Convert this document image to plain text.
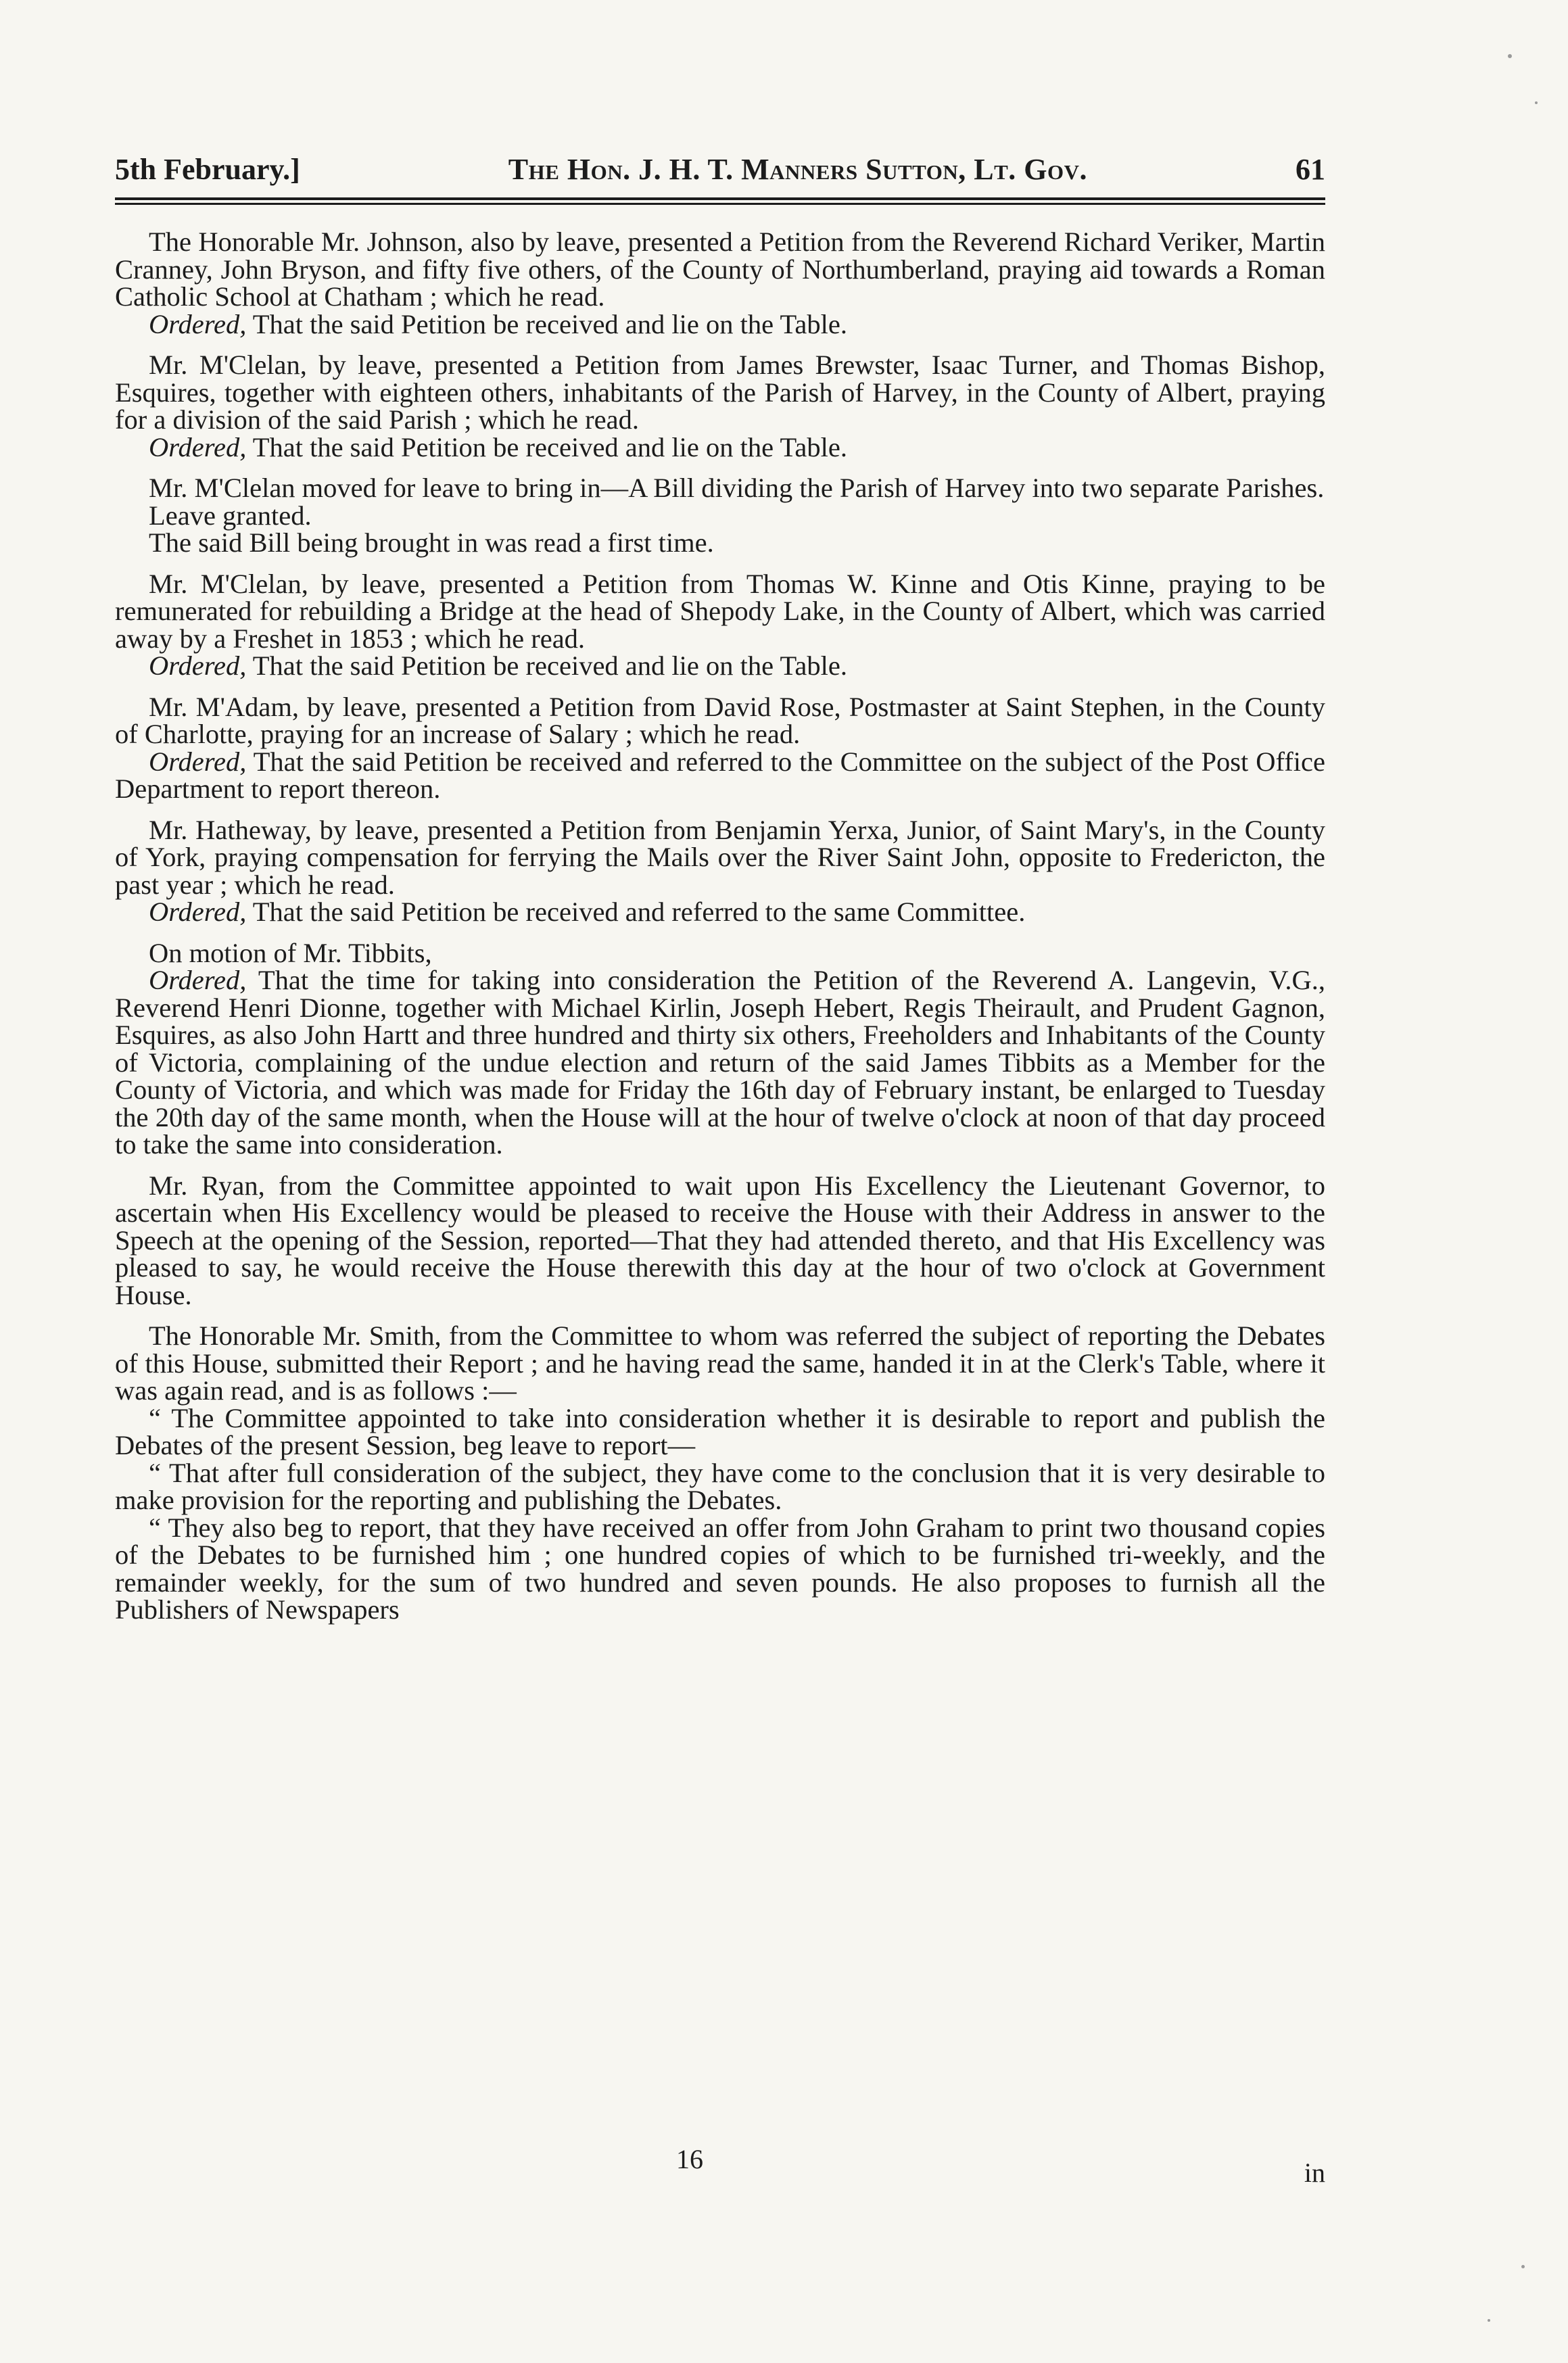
5th February.]	The Hon. J. H. T. Manners Sutton, Lt. Gov.	61

The Honorable Mr. Johnson, also by leave, presented a Petition from the Reverend Richard Veriker, Martin Cranney, John Bryson, and fifty five others, of the County of Northumberland, praying aid towards a Roman Catholic School at Chatham ; which he read.

Ordered, That the said Petition be received and lie on the Table.

Mr. M'Clelan, by leave, presented a Petition from James Brewster, Isaac Turner, and Thomas Bishop, Esquires, together with eighteen others, inhabitants of the Parish of Harvey, in the County of Albert, praying for a division of the said Parish ; which he read.

Ordered, That the said Petition be received and lie on the Table.

Mr. M'Clelan moved for leave to bring in—A Bill dividing the Parish of Harvey into two separate Parishes.

Leave granted.

The said Bill being brought in was read a first time.

Mr. M'Clelan, by leave, presented a Petition from Thomas W. Kinne and Otis Kinne, praying to be remunerated for rebuilding a Bridge at the head of Shepody Lake, in the County of Albert, which was carried away by a Freshet in 1853 ; which he read.

Ordered, That the said Petition be received and lie on the Table.

Mr. M'Adam, by leave, presented a Petition from David Rose, Postmaster at Saint Stephen, in the County of Charlotte, praying for an increase of Salary ; which he read.

Ordered, That the said Petition be received and referred to the Committee on the subject of the Post Office Department to report thereon.

Mr. Hatheway, by leave, presented a Petition from Benjamin Yerxa, Junior, of Saint Mary's, in the County of York, praying compensation for ferrying the Mails over the River Saint John, opposite to Fredericton, the past year ; which he read.

Ordered, That the said Petition be received and referred to the same Committee.

On motion of Mr. Tibbits,

Ordered, That the time for taking into consideration the Petition of the Reverend A. Langevin, V.G., Reverend Henri Dionne, together with Michael Kirlin, Joseph Hebert, Regis Theirault, and Prudent Gagnon, Esquires, as also John Hartt and three hundred and thirty six others, Freeholders and Inhabitants of the County of Victoria, complaining of the undue election and return of the said James Tibbits as a Member for the County of Victoria, and which was made for Friday the 16th day of February instant, be enlarged to Tuesday the 20th day of the same month, when the House will at the hour of twelve o'clock at noon of that day proceed to take the same into consideration.

Mr. Ryan, from the Committee appointed to wait upon His Excellency the Lieutenant Governor, to ascertain when His Excellency would be pleased to receive the House with their Address in answer to the Speech at the opening of the Session, reported—That they had attended thereto, and that His Excellency was pleased to say, he would receive the House therewith this day at the hour of two o'clock at Government House.

The Honorable Mr. Smith, from the Committee to whom was referred the subject of reporting the Debates of this House, submitted their Report ; and he having read the same, handed it in at the Clerk's Table, where it was again read, and is as follows :—

“ The Committee appointed to take into consideration whether it is desirable to report and publish the Debates of the present Session, beg leave to report—

“ That after full consideration of the subject, they have come to the conclusion that it is very desirable to make provision for the reporting and publishing the Debates.

“ They also beg to report, that they have received an offer from John Graham to print two thousand copies of the Debates to be furnished him ; one hundred copies of which to be furnished tri-weekly, and the remainder weekly, for the sum of two hundred and seven pounds. He also proposes to furnish all the Publishers of Newspapers

16	in
